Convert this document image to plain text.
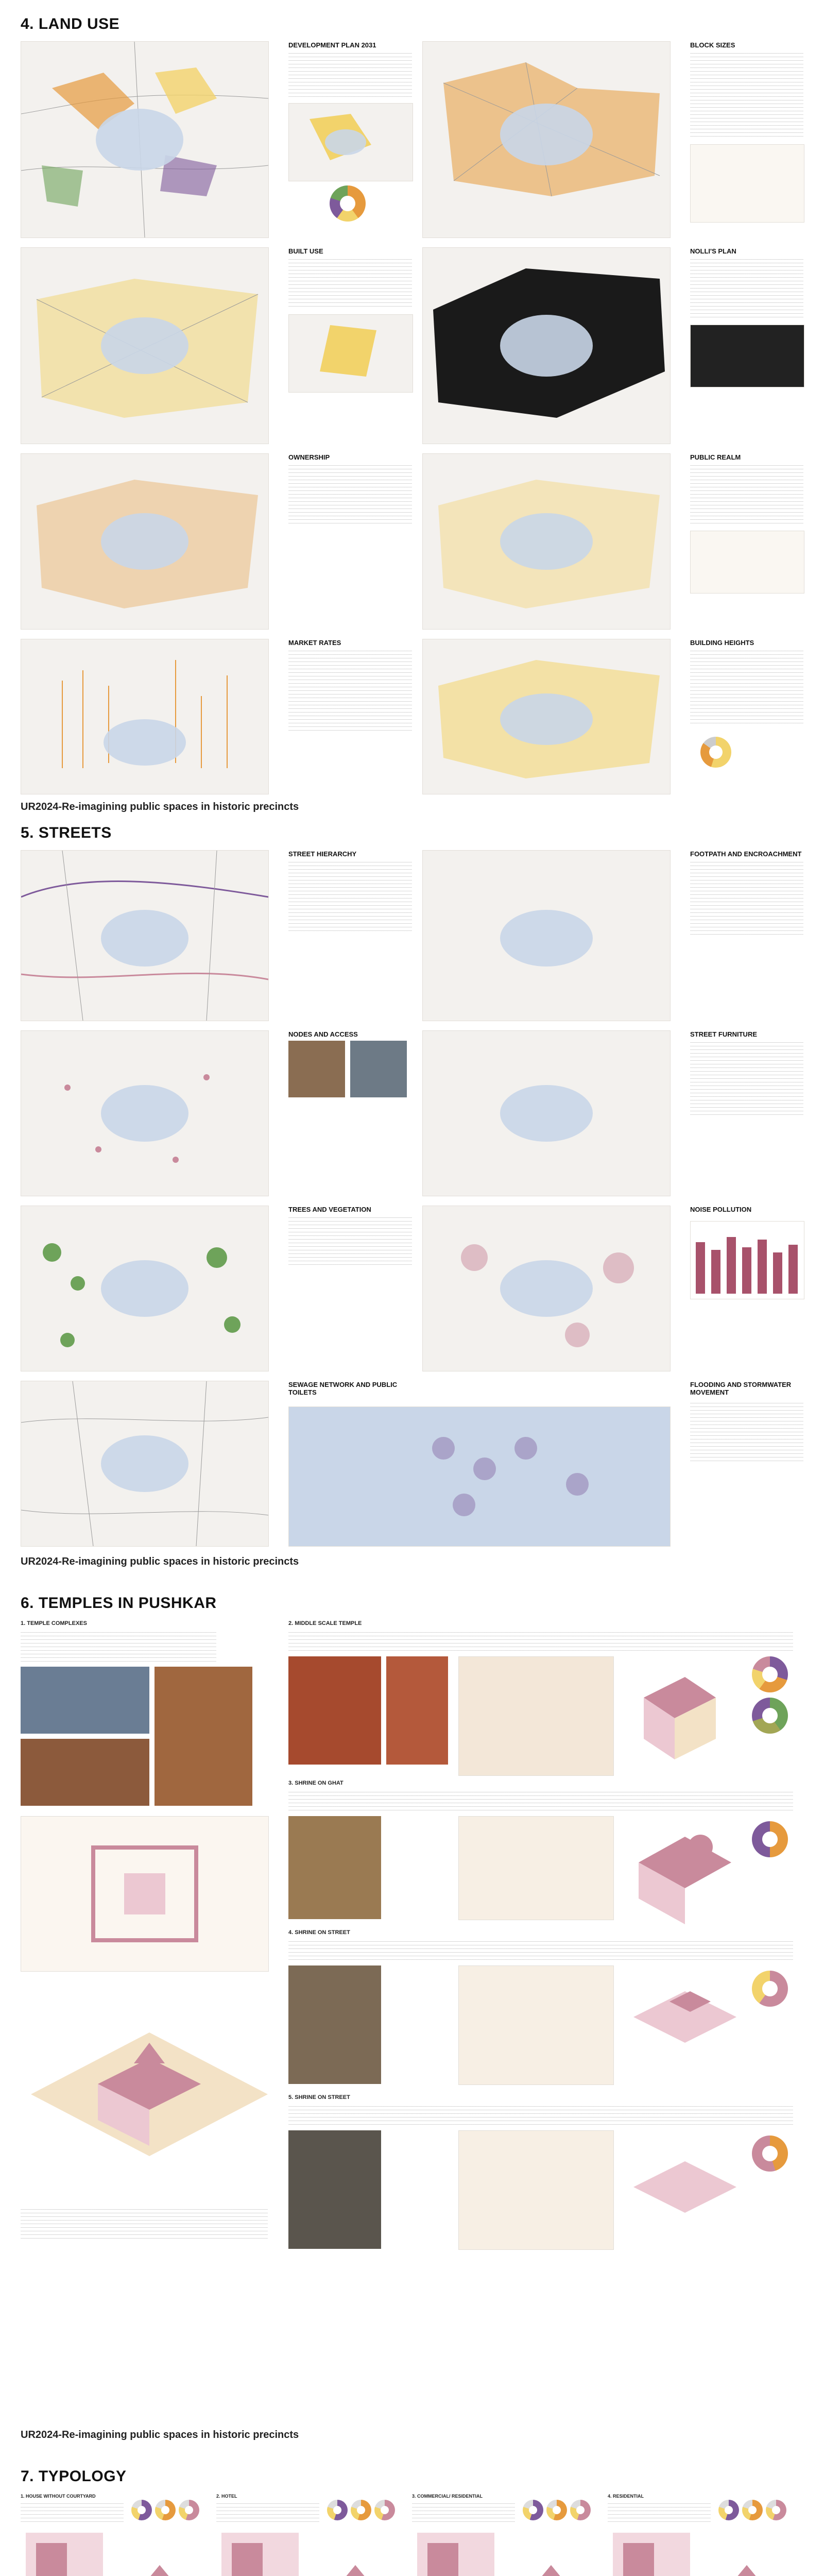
4. LAND USE
DEVELOPMENT PLAN 2031	BLOCK SIZES
BUILT USE	NOLLI'S PLAN
OWNERSHIP	PUBLIC REALM
MARKET RATES	BUILDING HEIGHTS
UR2024-Re-imagining public spaces in historic precincts
5. STREETS
STREET HIERARCHY	FOOTPATH AND ENCROACHMENT
NODES AND ACCESS	STREET FURNITURE
TREES AND VEGETATION	NOISE POLLUTION
SEWAGE NETWORK AND PUBLIC TOILETS
FLOODING AND STORMWATER MOVEMENT
UR2024-Re-imagining public spaces in historic precincts
6. TEMPLES IN PUSHKAR
1. TEMPLE COMPLEXES	2. MIDDLE SCALE TEMPLE
3. SHRINE ON GHAT
4. SHRINE ON STREET
5. SHRINE ON STREET
UR2024-Re-imagining public spaces in historic precincts
7. TYPOLOGY
1. HOUSE WITHOUT COURTYARD	2. HOTEL	3. COMMERCIAL/ RESIDENTIAL	4. RESIDENTIAL
